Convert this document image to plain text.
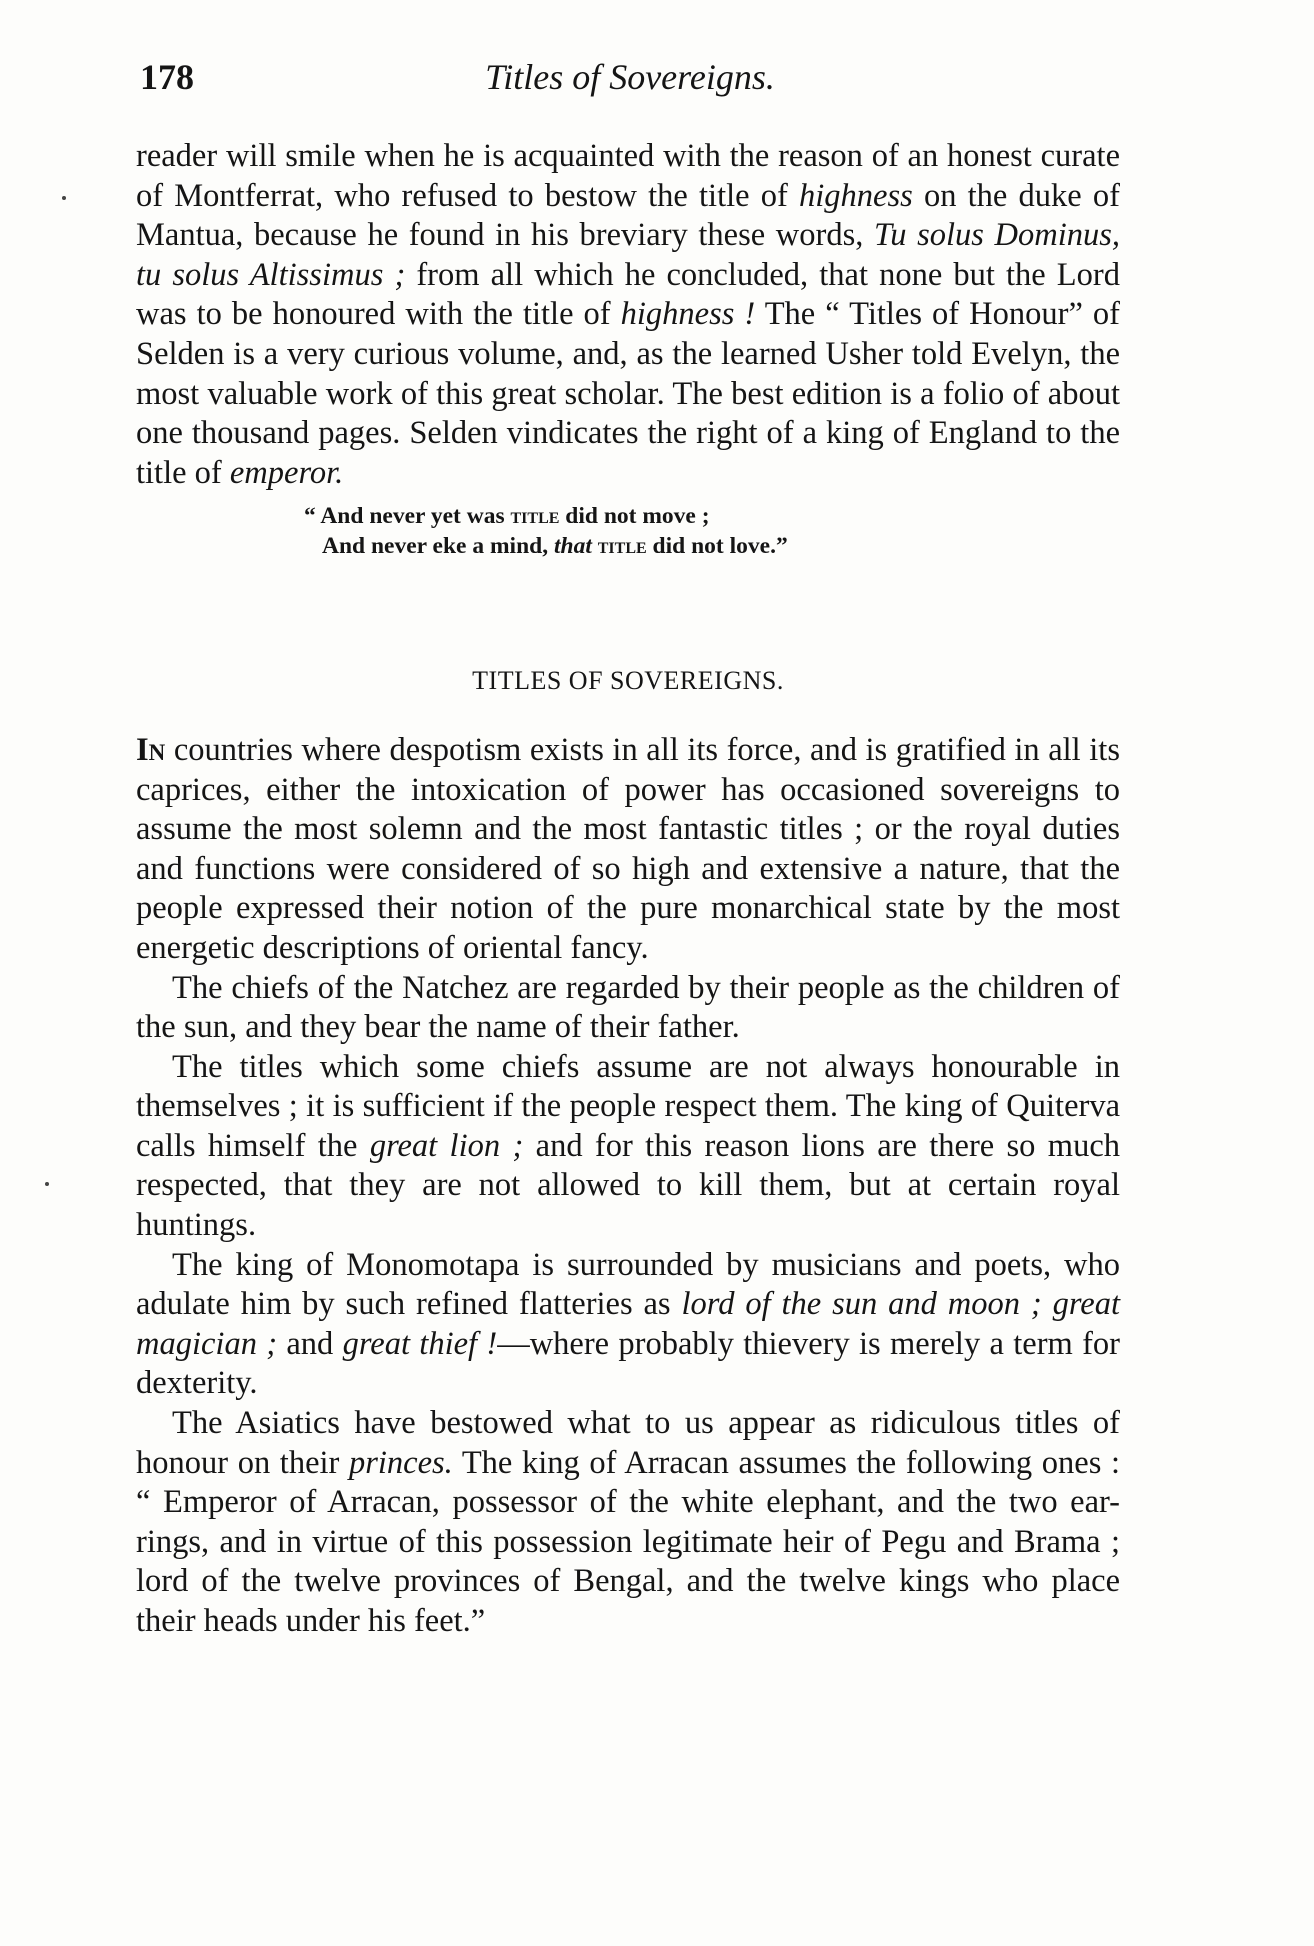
178	Titles of Sovereigns.

reader will smile when he is acquainted with the reason of an honest curate of Montferrat, who refused to bestow the title of highness on the duke of Mantua, because he found in his breviary these words, Tu solus Dominus, tu solus Altissimus ; from all which he concluded, that none but the Lord was to be honoured with the title of highness ! The “ Titles of Honour” of Selden is a very curious volume, and, as the learned Usher told Evelyn, the most valuable work of this great scholar. The best edition is a folio of about one thousand pages. Selden vindicates the right of a king of England to the title of emperor.

“ And never yet was title did not move ;
And never eke a mind, that title did not love.”
TITLES OF SOVEREIGNS.

In countries where despotism exists in all its force, and is gratified in all its caprices, either the intoxication of power has occasioned sovereigns to assume the most solemn and the most fantastic titles ; or the royal duties and functions were considered of so high and extensive a nature, that the people expressed their notion of the pure monarchical state by the most energetic descriptions of oriental fancy.

The chiefs of the Natchez are regarded by their people as the children of the sun, and they bear the name of their father.

The titles which some chiefs assume are not always honourable in themselves ; it is sufficient if the people respect them. The king of Quiterva calls himself the great lion ; and for this reason lions are there so much respected, that they are not allowed to kill them, but at certain royal huntings.

The king of Monomotapa is surrounded by musicians and poets, who adulate him by such refined flatteries as lord of the sun and moon ; great magician ; and great thief !—where probably thievery is merely a term for dexterity.

The Asiatics have bestowed what to us appear as ridiculous titles of honour on their princes. The king of Arracan assumes the following ones : “ Emperor of Arracan, possessor of the white elephant, and the two ear-rings, and in virtue of this possession legitimate heir of Pegu and Brama ; lord of the twelve provinces of Bengal, and the twelve kings who place their heads under his feet.”
